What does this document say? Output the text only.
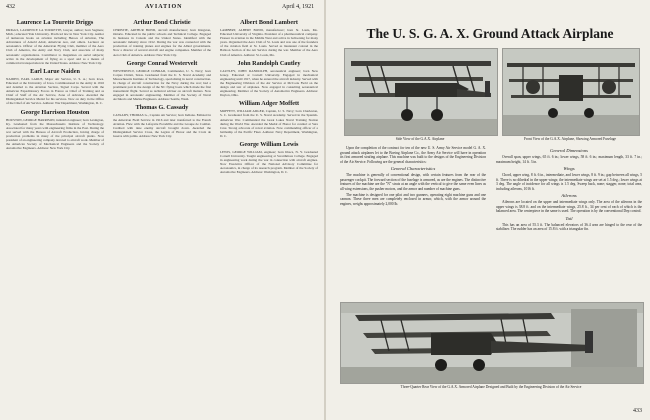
432	AVIATION	April 4, 1921
Laurence La Tourette Driggs

DRIGGS, LAURENCE LA TOURETTE, lawyer, author; born Saginaw, Mich.; educated Yale University. Practiced law in New York City. Author of numerous books on aviation including Heroes of Aviation, The Adventures of Arnold Adair, American Ace, and others. Lecturer on aeronautics. Officer of the American Flying Club, member of the Aero Club of America, the Army and Navy Club, and associate of many aeronautic organizations. Contributor to magazines on aerial subjects; active in the development of flying as a sport and as a means of commercial transportation in the United States. Address: New York City.

Earl Larue Naiden

NAIDEN, EARL LARUE, Major Air Service, U. S. A.; born Iowa. Educated at the University of Iowa. Commissioned in the Army in 1916 and detailed to the Aviation Section, Signal Corps. Served with the American Expeditionary Forces in France as Chief of Training and as Chief of Staff of the Air Service, Zone of Advance. Awarded the Distinguished Service Medal for his services. Now on duty in the Office of the Chief of Air Service. Address: War Department, Washington, D. C.

George Harrison Houston

HOUSTON, GEORGE HARRISON, industrial engineer; born Lexington, Ky. Graduated from the Massachusetts Institute of Technology. Associated for many years with engineering firms in the East. During the war served with the Bureau of Aircraft Production, having charge of production problems in many of the principal aircraft plants. Now president of an engineering company devoted to aircraft work. Member of the American Society of Mechanical Engineers and the Society of Automotive Engineers. Address: New York City.

Arthur Bond Christie

CHRISTIE, ARTHUR BOND, aircraft manufacturer; born Kingston, Ontario. Educated in the public schools and Technical College. Engaged in business in Canada and the United States. Identified with the aeronautic industry since 1912. During the war was connected with the production of training planes and engines for the Allied governments. Now a director of several aircraft and engine companies. Member of the Aero Club of America. Address: New York City.

George Conrad Westervelt

WESTERVELT, GEORGE CONRAD, Commander, U. S. Navy; born Corpus Christi, Texas. Graduated from the U. S. Naval Academy and Massachusetts Institute of Technology, specializing in naval construction. In charge of aircraft construction for the Navy during the war; had a prominent part in the design of the NC flying boats which made the first transatlantic flight. Served as technical adviser on aircraft matters. Now engaged in aeronautic engineering. Member of the Society of Naval Architects and Marine Engineers. Address: Seattle, Wash.

Thomas G. Cassady

CASSADY, THOMAS G., Captain Air Service; born Indiana. Enlisted in the American Field Service in 1916 and later transferred to the French Aviation. Flew with the Lafayette Escadrille and the Groupe de Combat. Credited with nine enemy aircraft brought down. Awarded the Distinguished Service Cross, the Legion of Honor and the Croix de Guerre with palms. Address: New York City.

Albert Bond Lambert

LAMBERT, ALBERT BOND, manufacturer; born St. Louis, Mo. Educated University of Virginia. President of a pharmaceutical company. Pioneer in aviation in the Middle West and active in ballooning for many years. Organized the Aero Club of St. Louis and was one of the founders of the aviation field at St. Louis. Served as lieutenant colonel in the Balloon Section of the Air Service during the war. Member of the Aero Club of America. Address: St. Louis, Mo.

John Randolph Cautley

CAUTLEY, JOHN RANDOLPH, aeronautical engineer; born New Jersey. Educated at Cornell University. Engaged in mechanical engineering until 1917, when he entered the aircraft industry. Served with the Engineering Division of the Air Service at McCook Field on the design and test of airplanes. Now engaged in consulting aeronautical engineering. Member of the Society of Automotive Engineers. Address: Dayton, Ohio.

William Adger Moffett

MOFFETT, WILLIAM ADGER, Captain, U. S. Navy; born Charleston, S. C. Graduated from the U. S. Naval Academy. Served in the Spanish-American War. Commanded the Great Lakes Naval Training Station during the World War. Awarded the Medal of Honor for conduct at Vera Cruz. Strong advocate of naval aviation. Now commanding officer of a battleship of the Pacific Fleet. Address: Navy Department, Washington, D. C.

George William Lewis

LEWIS, GEORGE WILLIAM, engineer; born Ithaca, N. Y. Graduated Cornell University. Taught engineering at Swarthmore College. Engaged in engineering work during the war in connection with aircraft engines. Now Executive Officer of the National Advisory Committee for Aeronautics, in charge of its research program. Member of the Society of Automotive Engineers. Address: Washington, D. C.

The U. S. G. A. X. Ground Attack Airplane

Side View of the G.A.X. Airplane	Front View of the G.A.X. Airplane, Showing Armored Fuselage

Upon the completion of the contract for ten of the new U. S. Army Air Service model G. A. X. ground attack airplanes let to the Boeing Airplane Co., the Army Air Service will have in operation its first armored strafing airplane. This machine was built to the designs of the Engineering Division of the Air Service. Following are the general characteristics:

General Characteristics

The machine is generally of conventional design, with certain features from the rear of the passenger cockpit. The forward section of the fuselage is armored, as are the engines. The distinctive features of the machine are the "N" struts at an angle with the vertical to give the same even lines as all wing extensions, the pusher motors, and the armor and number of machine guns.

The machine is designed for one pilot and two gunners, operating eight machine guns and one cannon. These three men are completely enclosed in armor, which, with the armor around the engines, weighs approximately 2,000 lb.

General Dimensions

Overall span, upper wings, 65 ft. 6 in.; lower wings, 58 ft. 6 in.; maximum length, 33 ft. 7 in.; maximum height, 14 ft. 3 in.

Wings

Chord, upper wing, 8 ft. 6 in., intermediate, and lower wings, 8 ft. 9 in.; gap between all wings, 5 ft. There is no dihedral in the upper wings; the intermediate wings are set at 1.5 deg.; lower wings at 3 deg. The angle of incidence for all wings is 1.5 deg. Sweep back, none; stagger, none; total area, including ailerons, 1016 ft.

Ailerons

Ailerons are located on the upper and intermediate wings only. The area of the ailerons in the upper wings is 38.8 ft. and on the intermediate wings, 25.8 ft., 34 per cent of each of which is the balanced area. The centerpiece in the same is used. The operation is by the conventional Dep control.

Tail

This has an area of 55.3 ft. The balanced elevators of 36.4 area are hinged to the rear of the stabilizer. The rudder has an area of 15.8 ft. with a triangular fin.

Three-Quarter Rear View of the G.A.X. Armored Airplane Designed and Built by the Engineering Division of the Air Service

433
